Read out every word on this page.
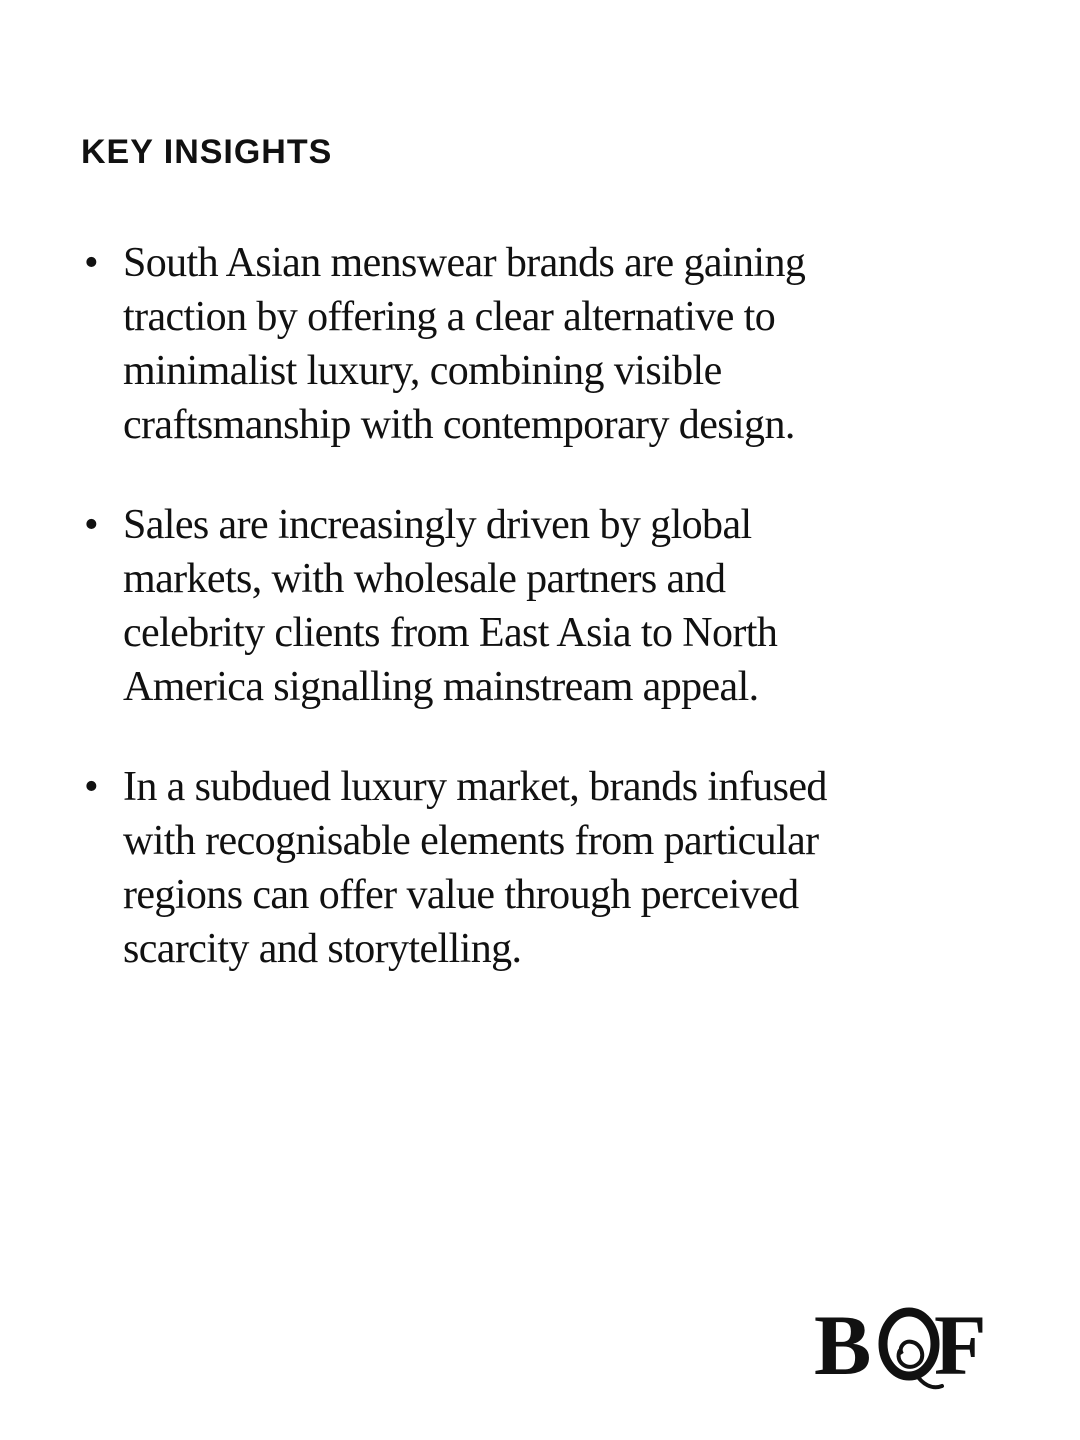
KEY INSIGHTS
• South Asian menswear brands are gaining
traction by offering a clear alternative to
minimalist luxury, combining visible
craftsmanship with contemporary design.
• Sales are increasingly driven by global
markets, with wholesale partners and
celebrity clients from East Asia to North
America signalling mainstream appeal.
• In a subdued luxury market, brands infused
with recognisable elements from particular
regions can offer value through perceived
scarcity and storytelling.
B F
